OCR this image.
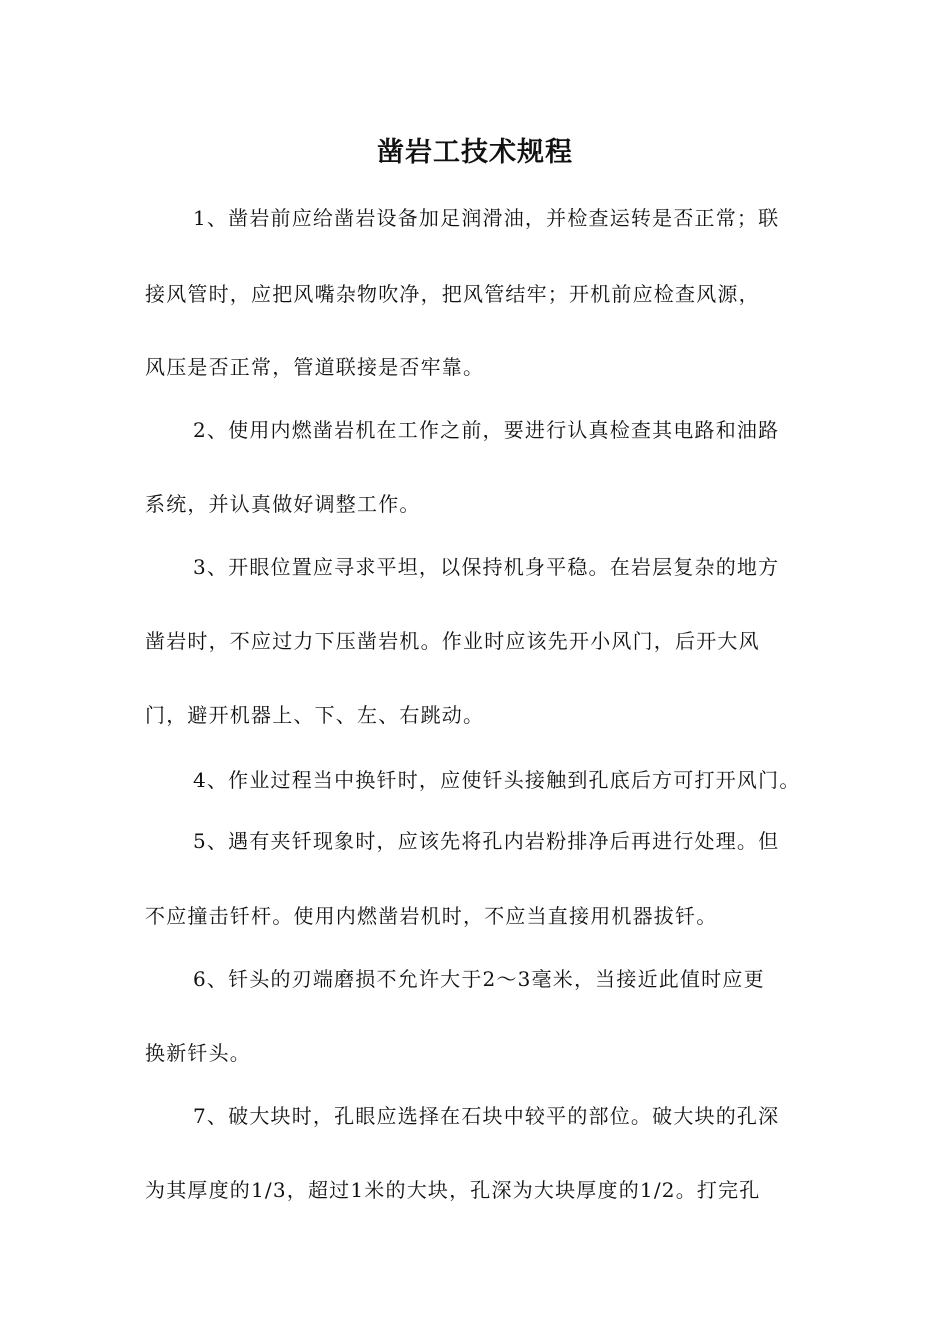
凿岩工技术规程
1、凿岩前应给凿岩设备加足润滑油，并检查运转是否正常；联
接风管时，应把风嘴杂物吹净，把风管结牢；开机前应检查风源，
风压是否正常，管道联接是否牢靠。
2、使用内燃凿岩机在工作之前，要进行认真检查其电路和油路
系统，并认真做好调整工作。
3、开眼位置应寻求平坦，以保持机身平稳。在岩层复杂的地方
凿岩时，不应过力下压凿岩机。作业时应该先开小风门，后开大风
门，避开机器上、下、左、右跳动。
4、作业过程当中换钎时，应使钎头接触到孔底后方可打开风门。
5、遇有夹钎现象时，应该先将孔内岩粉排净后再进行处理。但
不应撞击钎杆。使用内燃凿岩机时，不应当直接用机器拔钎。
6、钎头的刃端磨损不允许大于2～3毫米，当接近此值时应更
换新钎头。
7、破大块时，孔眼应选择在石块中较平的部位。破大块的孔深
为其厚度的1/3，超过1米的大块，孔深为大块厚度的1/2。打完孔
